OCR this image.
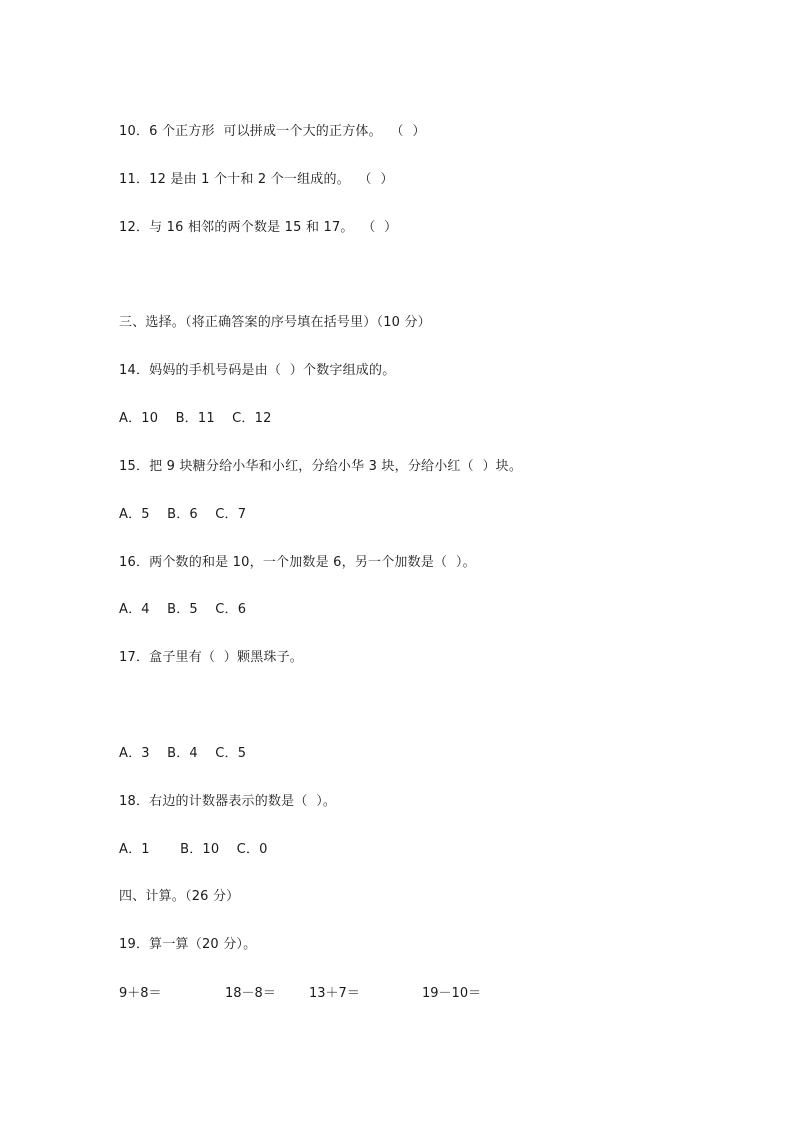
10．6 个正方形  可以拼成一个大的正方体。  （  ）
11．12 是由 1 个十和 2 个一组成的。  （  ）
12．与 16 相邻的两个数是 15 和 17。  （  ）
三、选择。（将正确答案的序号填在括号里）（10 分）
14．妈妈的手机号码是由（  ）个数字组成的。
A．10    B．11    C．12
15．把 9 块糖分给小华和小红，分给小华 3 块，分给小红（  ）块。
A．5    B．6    C．7
16．两个数的和是 10，一个加数是 6，另一个加数是（  ）。
A．4    B．5    C．6
17．盒子里有（  ）颗黑珠子。
A．3    B．4    C．5
18．右边的计数器表示的数是（  ）。
A．1       B．10    C．0
四、计算。（26 分）
19．算一算（20 分）。
9＋8＝	18－8＝	13＋7＝	19－10＝
